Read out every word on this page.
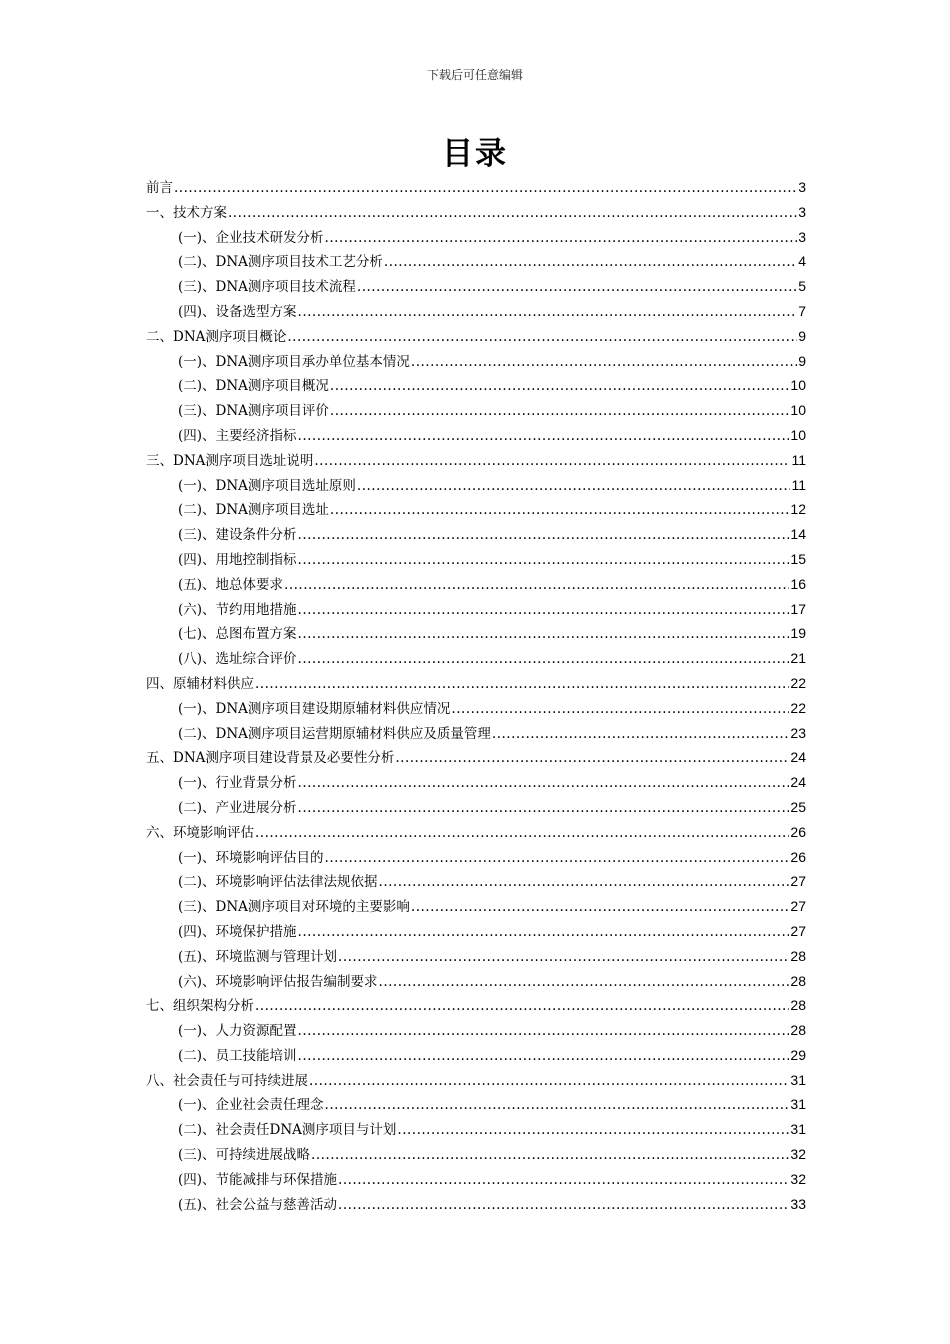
下载后可任意编辑
目录
前言 .....	3
一、技术方案 .....	3
(一)、企业技术研发分析 .....	3
(二)、DNA测序项目技术工艺分析 .....	4
(三)、DNA测序项目技术流程 .....	5
(四)、设备选型方案 .....	7
二、DNA测序项目概论 .....	9
(一)、DNA测序项目承办单位基本情况 .....	9
(二)、DNA测序项目概况 .....	10
(三)、DNA测序项目评价 .....	10
(四)、主要经济指标 .....	10
三、DNA测序项目选址说明 .....	11
(一)、DNA测序项目选址原则 .....	11
(二)、DNA测序项目选址 .....	12
(三)、建设条件分析 .....	14
(四)、用地控制指标 .....	15
(五)、地总体要求 .....	16
(六)、节约用地措施 .....	17
(七)、总图布置方案 .....	19
(八)、选址综合评价 .....	21
四、原辅材料供应 .....	22
(一)、DNA测序项目建设期原辅材料供应情况 .....	22
(二)、DNA测序项目运营期原辅材料供应及质量管理 .....	23
五、DNA测序项目建设背景及必要性分析 .....	24
(一)、行业背景分析 .....	24
(二)、产业进展分析 .....	25
六、环境影响评估 .....	26
(一)、环境影响评估目的 .....	26
(二)、环境影响评估法律法规依据 .....	27
(三)、DNA测序项目对环境的主要影响 .....	27
(四)、环境保护措施 .....	27
(五)、环境监测与管理计划 .....	28
(六)、环境影响评估报告编制要求 .....	28
七、组织架构分析 .....	28
(一)、人力资源配置 .....	28
(二)、员工技能培训 .....	29
八、社会责任与可持续进展 .....	31
(一)、企业社会责任理念 .....	31
(二)、社会责任DNA测序项目与计划 .....	31
(三)、可持续进展战略 .....	32
(四)、节能减排与环保措施 .....	32
(五)、社会公益与慈善活动 .....	33
